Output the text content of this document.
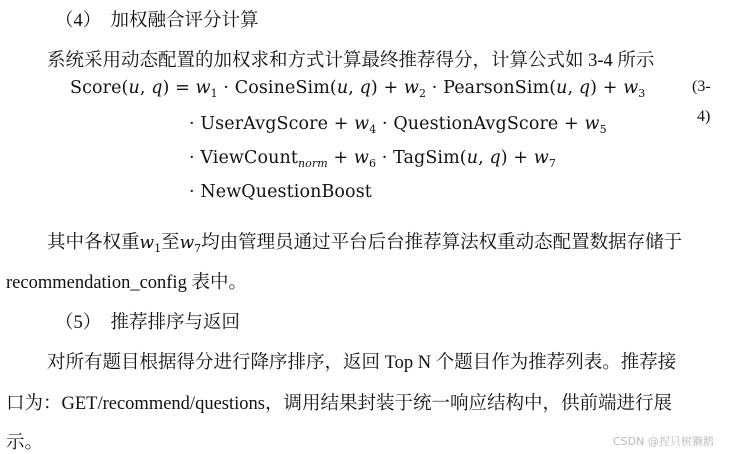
（4）　加权融合评分计算
系统采用动态配置的加权求和方式计算最终推荐得分，计算公式如 3-4 所示
Score(u, $q) = w_1$ · CosineSim(u, $q) + w_2$ · PearsonSim(u, $q) + w_3$	(3-
4)
· UserAvgScore + $w_4$ · QuestionAvgScore + $w_5$
· ViewCount$_{norm}$ + $w_6$ · TagSim(u, $q) + w_7$
· NewQuestionBoost
其中各权重$w_1$至$w_7$均由管理员通过平台后台推荐算法权重动态配置数据存储于
recommendation_config 表中。
（5）　推荐排序与返回
对所有题目根据得分进行降序排序，返回 Top N 个题目作为推荐列表。推荐接
口为：GET/recommend/questions，调用结果封装于统一响应结构中，供前端进行展
示。	CSDN @捏只树獭鹅
